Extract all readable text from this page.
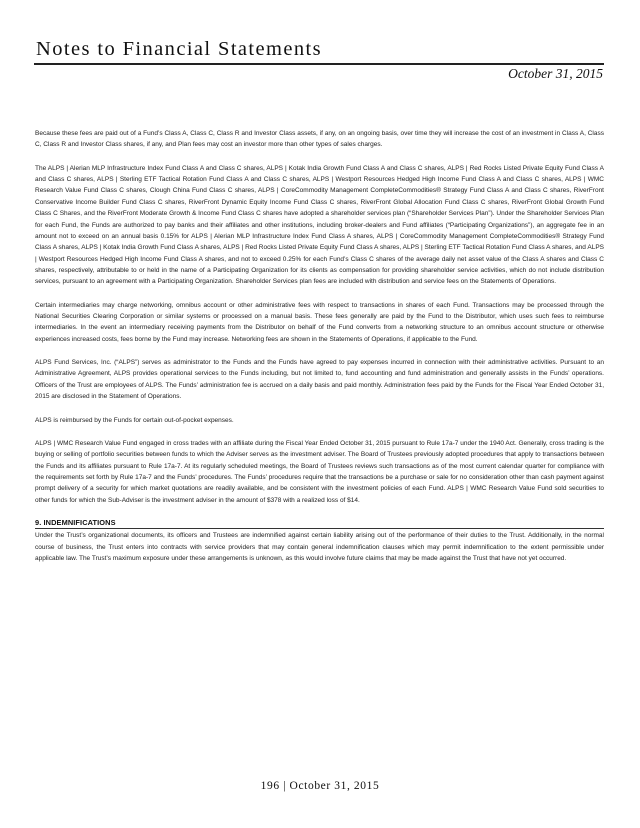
Notes to Financial Statements
October 31, 2015

Because these fees are paid out of a Fund’s Class A, Class C, Class R and Investor Class assets, if any, on an ongoing basis, over time they will increase the cost of an investment in Class A, Class C, Class R and Investor Class shares, if any, and Plan fees may cost an investor more than other types of sales charges.

The ALPS | Alerian MLP Infrastructure Index Fund Class A and Class C shares, ALPS | Kotak India Growth Fund Class A and Class C shares, ALPS | Red Rocks Listed Private Equity Fund Class A and Class C shares, ALPS | Sterling ETF Tactical Rotation Fund Class A and Class C shares, ALPS | Westport Resources Hedged High Income Fund Class A and Class C shares, ALPS | WMC Research Value Fund Class C shares, Clough China Fund Class C shares, ALPS | CoreCommodity Management CompleteCommodities® Strategy Fund Class A and Class C shares, RiverFront Conservative Income Builder Fund Class C shares, RiverFront Dynamic Equity Income Fund Class C shares, RiverFront Global Allocation Fund Class C shares, RiverFront Global Growth Fund Class C Shares, and the RiverFront Moderate Growth & Income Fund Class C shares have adopted a shareholder services plan (“Shareholder Services Plan”). Under the Shareholder Services Plan for each Fund, the Funds are authorized to pay banks and their affiliates and other institutions, including broker-dealers and Fund affiliates (“Participating Organizations”), an aggregate fee in an amount not to exceed on an annual basis 0.15% for ALPS | Alerian MLP Infrastructure Index Fund Class A shares, ALPS | CoreCommodity Management CompleteCommodities® Strategy Fund Class A shares, ALPS | Kotak India Growth Fund Class A shares, ALPS | Red Rocks Listed Private Equity Fund Class A shares, ALPS | Sterling ETF Tactical Rotation Fund Class A shares, and ALPS | Westport Resources Hedged High Income Fund Class A shares, and not to exceed 0.25% for each Fund’s Class C shares of the average daily net asset value of the Class A shares and Class C shares, respectively, attributable to or held in the name of a Participating Organization for its clients as compensation for providing shareholder service activities, which do not include distribution services, pursuant to an agreement with a Participating Organization. Shareholder Services plan fees are included with distribution and service fees on the Statements of Operations.

Certain intermediaries may charge networking, omnibus account or other administrative fees with respect to transactions in shares of each Fund. Transactions may be processed through the National Securities Clearing Corporation or similar systems or processed on a manual basis. These fees generally are paid by the Fund to the Distributor, which uses such fees to reimburse intermediaries. In the event an intermediary receiving payments from the Distributor on behalf of the Fund converts from a networking structure to an omnibus account structure or otherwise experiences increased costs, fees borne by the Fund may increase. Networking fees are shown in the Statements of Operations, if applicable to the Fund.

ALPS Fund Services, Inc. (“ALPS”) serves as administrator to the Funds and the Funds have agreed to pay expenses incurred in connection with their administrative activities. Pursuant to an Administrative Agreement, ALPS provides operational services to the Funds including, but not limited to, fund accounting and fund administration and generally assists in the Funds’ operations. Officers of the Trust are employees of ALPS. The Funds’ administration fee is accrued on a daily basis and paid monthly. Administration fees paid by the Funds for the Fiscal Year Ended October 31, 2015 are disclosed in the Statement of Operations.

ALPS is reimbursed by the Funds for certain out-of-pocket expenses.

ALPS | WMC Research Value Fund engaged in cross trades with an affiliate during the Fiscal Year Ended October 31, 2015 pursuant to Rule 17a-7 under the 1940 Act. Generally, cross trading is the buying or selling of portfolio securities between funds to which the Adviser serves as the investment adviser. The Board of Trustees previously adopted procedures that apply to transactions between the Funds and its affiliates pursuant to Rule 17a-7. At its regularly scheduled meetings, the Board of Trustees reviews such transactions as of the most current calendar quarter for compliance with the requirements set forth by Rule 17a-7 and the Funds’ procedures. The Funds’ procedures require that the transactions be a purchase or sale for no consideration other than cash payment against prompt delivery of a security for which market quotations are readily available, and be consistent with the investment policies of each Fund. ALPS | WMC Research Value Fund sold securities to other funds for which the Sub-Adviser is the investment adviser in the amount of $378 with a realized loss of $14.

9. INDEMNIFICATIONS

Under the Trust’s organizational documents, its officers and Trustees are indemnified against certain liability arising out of the performance of their duties to the Trust. Additionally, in the normal course of business, the Trust enters into contracts with service providers that may contain general indemnification clauses which may permit indemnification to the extent permissible under applicable law. The Trust’s maximum exposure under these arrangements is unknown, as this would involve future claims that may be made against the Trust that have not yet occurred.

196 | October 31, 2015
